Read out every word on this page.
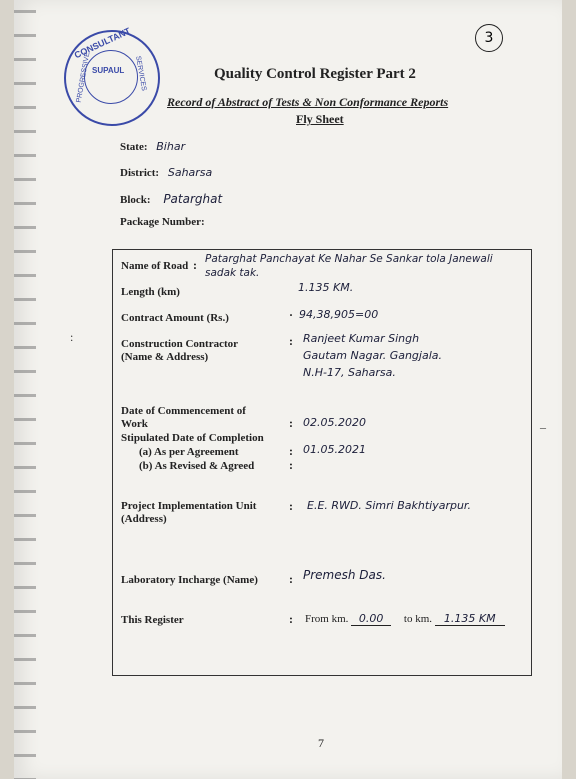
CONSULTANT
PROGRESSIVE	SERVICES
SUPAUL
3
Quality Control Register Part 2
Record of Abstract of Tests & Non Conformance Reports
Fly Sheet
State: Bihar
District: Saharsa
Block: Patarghat
Package Number:
Name of Road : Patarghat Panchayat Ke Nahar Se Sankar tola Janewali sadak tak.
Length (km)	1.135 KM.
Contract Amount (Rs.)	· 94,38,905=00
Construction Contractor
(Name & Address)
: Ranjeet Kumar Singh
Gautam Nagar. Gangjala.
N.H-17, Saharsa.
Date of Commencement of
Work	: 02.05.2020
Stipulated Date of Completion
(a) As per Agreement	: 01.05.2021
(b) As Revised & Agreed	:
Project Implementation Unit
(Address)
: E.E. RWD. Simri Bakhtiyarpur.
Laboratory Incharge (Name)	: Premesh Das.
This Register	: From km. 0.00 to km. 1.135 KM
:
–
7
